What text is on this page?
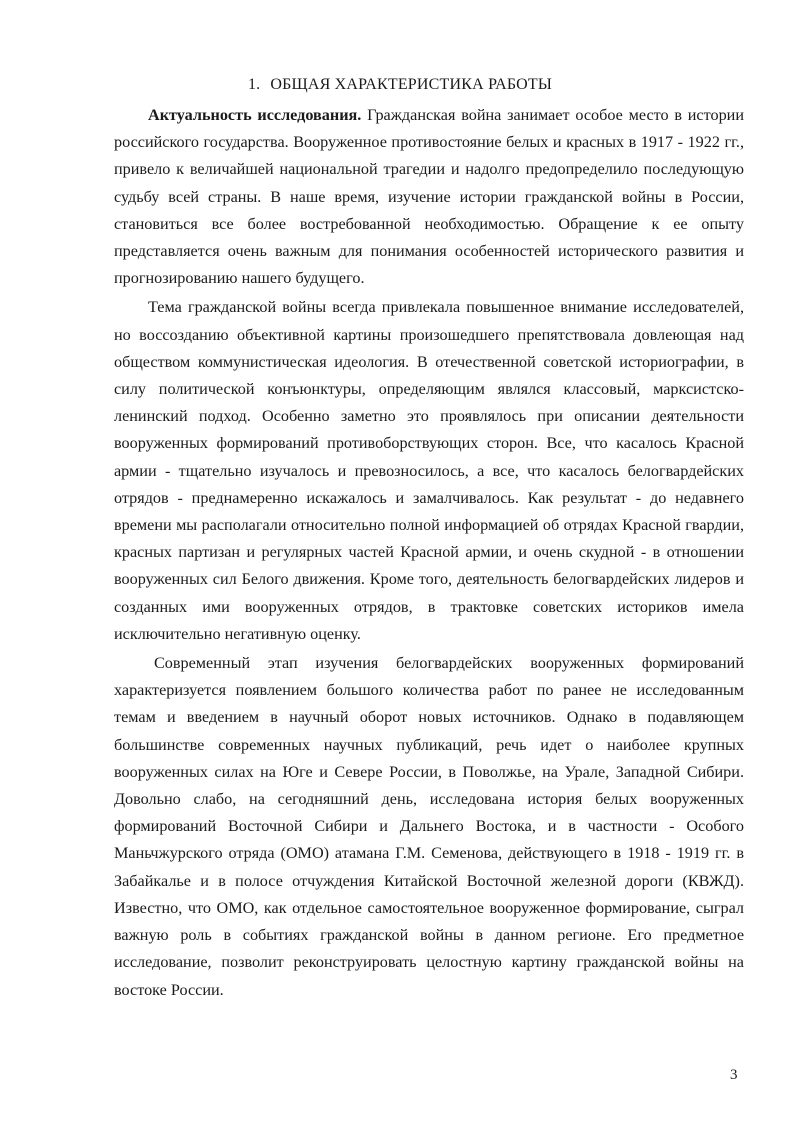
1. ОБЩАЯ ХАРАКТЕРИСТИКА РАБОТЫ

Актуальность исследования. Гражданская война занимает особое место в истории российского государства. Вооруженное противостояние белых и красных в 1917 - 1922 гг., привело к величайшей национальной трагедии и надолго предопределило последующую судьбу всей страны. В наше время, изучение истории гражданской войны в России, становиться все более востребованной необходимостью. Обращение к ее опыту представляется очень важным для понимания особенностей исторического развития и прогнозированию нашего будущего.

Тема гражданской войны всегда привлекала повышенное внимание исследователей, но воссозданию объективной картины произошедшего препятствовала довлеющая над обществом коммунистическая идеология. В отечественной советской историографии, в силу политической конъюнктуры, определяющим являлся классовый, марксистско-ленинский подход. Особенно заметно это проявлялось при описании деятельности вооруженных формирований противоборствующих сторон. Все, что касалось Красной армии - тщательно изучалось и превозносилось, а все, что касалось белогвардейских отрядов - преднамеренно искажалось и замалчивалось. Как результат - до недавнего времени мы располагали относительно полной информацией об отрядах Красной гвардии, красных партизан и регулярных частей Красной армии, и очень скудной - в отношении вооруженных сил Белого движения. Кроме того, деятельность белогвардейских лидеров и созданных ими вооруженных отрядов, в трактовке советских историков имела исключительно негативную оценку.

Современный этап изучения белогвардейских вооруженных формирований характеризуется появлением большого количества работ по ранее не исследованным темам и введением в научный оборот новых источников. Однако в подавляющем большинстве современных научных публикаций, речь идет о наиболее крупных вооруженных силах на Юге и Севере России, в Поволжье, на Урале, Западной Сибири. Довольно слабо, на сегодняшний день, исследована история белых вооруженных формирований Восточной Сибири и Дальнего Востока, и в частности - Особого Маньчжурского отряда (ОМО) атамана Г.М. Семенова, действующего в 1918 - 1919 гг. в Забайкалье и в полосе отчуждения Китайской Восточной железной дороги (КВЖД). Известно, что ОМО, как отдельное самостоятельное вооруженное формирование, сыграл важную роль в событиях гражданской войны в данном регионе. Его предметное исследование, позволит реконструировать целостную картину гражданской войны на востоке России.

3
